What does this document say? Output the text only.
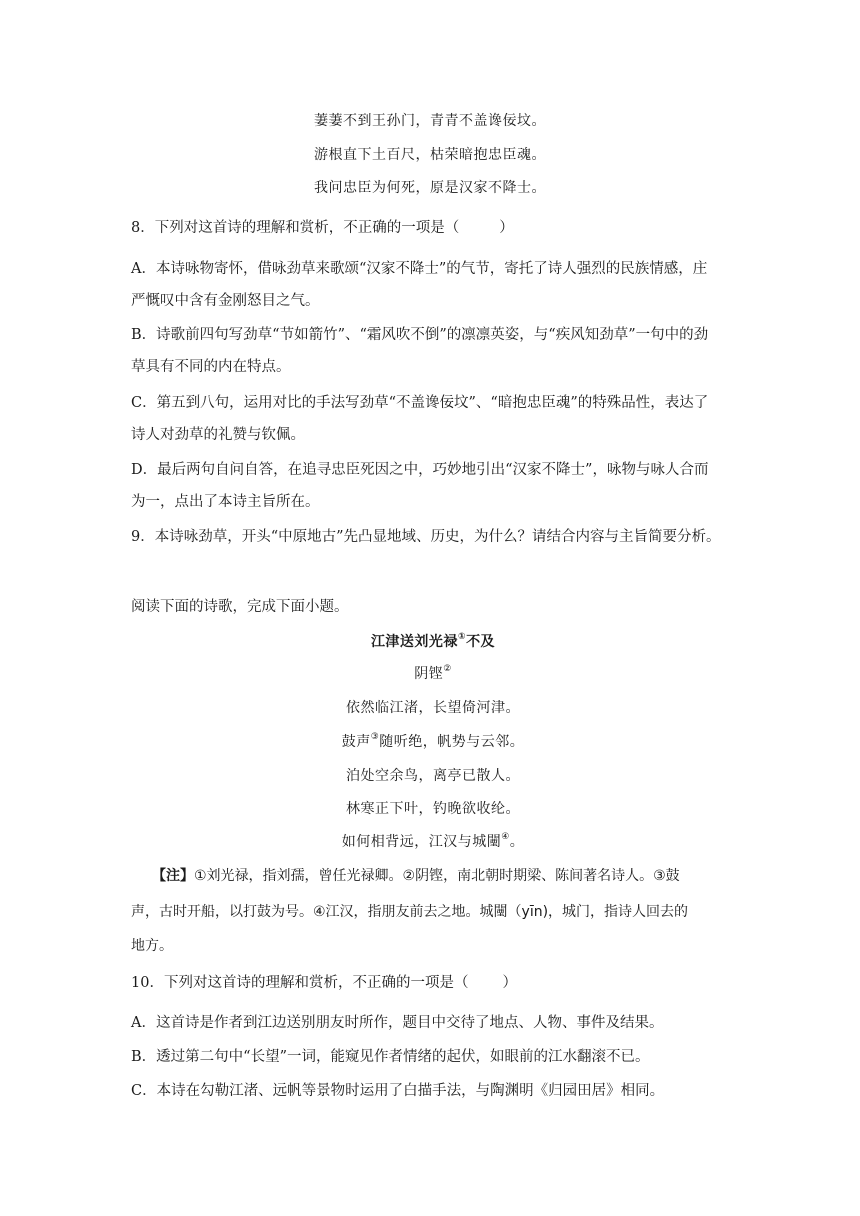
萋萋不到王孙门，青青不盖谗佞坟。
游根直下土百尺，枯荣暗抱忠臣魂。
我问忠臣为何死，原是汉家不降士。
8．下列对这首诗的理解和赏析，不正确的一项是（	）
A．本诗咏物寄怀，借咏劲草来歌颂“汉家不降士”的气节，寄托了诗人强烈的民族情感，庄
严慨叹中含有金刚怒目之气。
B．诗歌前四句写劲草“节如箭竹”、“霜风吹不倒”的凛凛英姿，与“疾风知劲草”一句中的劲
草具有不同的内在特点。
C．第五到八句，运用对比的手法写劲草“不盖谗佞坟”、“暗抱忠臣魂”的特殊品性，表达了
诗人对劲草的礼赞与钦佩。
D．最后两句自问自答，在追寻忠臣死因之中，巧妙地引出“汉家不降士”，咏物与咏人合而
为一，点出了本诗主旨所在。
9．本诗咏劲草，开头“中原地古”先凸显地域、历史，为什么？请结合内容与主旨简要分析。
阅读下面的诗歌，完成下面小题。
江津送刘光禄①不及
阴铿②
依然临江渚，长望倚河津。
鼓声③随听绝，帆势与云邻。
泊处空余鸟，离亭已散人。
林寒正下叶，钓晚欲收纶。
如何相背远，江汉与城闉④。
【注】①刘光禄，指刘孺，曾任光禄卿。②阴铿，南北朝时期梁、陈间著名诗人。③鼓
声，古时开船，以打鼓为号。④江汉，指朋友前去之地。城闉（yīn)，城门，指诗人回去的
地方。
10．下列对这首诗的理解和赏析，不正确的一项是（ ）
A．这首诗是作者到江边送别朋友时所作，题目中交待了地点、人物、事件及结果。
B．透过第二句中“长望”一词，能窥见作者情绪的起伏，如眼前的江水翻滚不已。
C．本诗在勾勒江渚、远帆等景物时运用了白描手法，与陶渊明《归园田居》相同。
